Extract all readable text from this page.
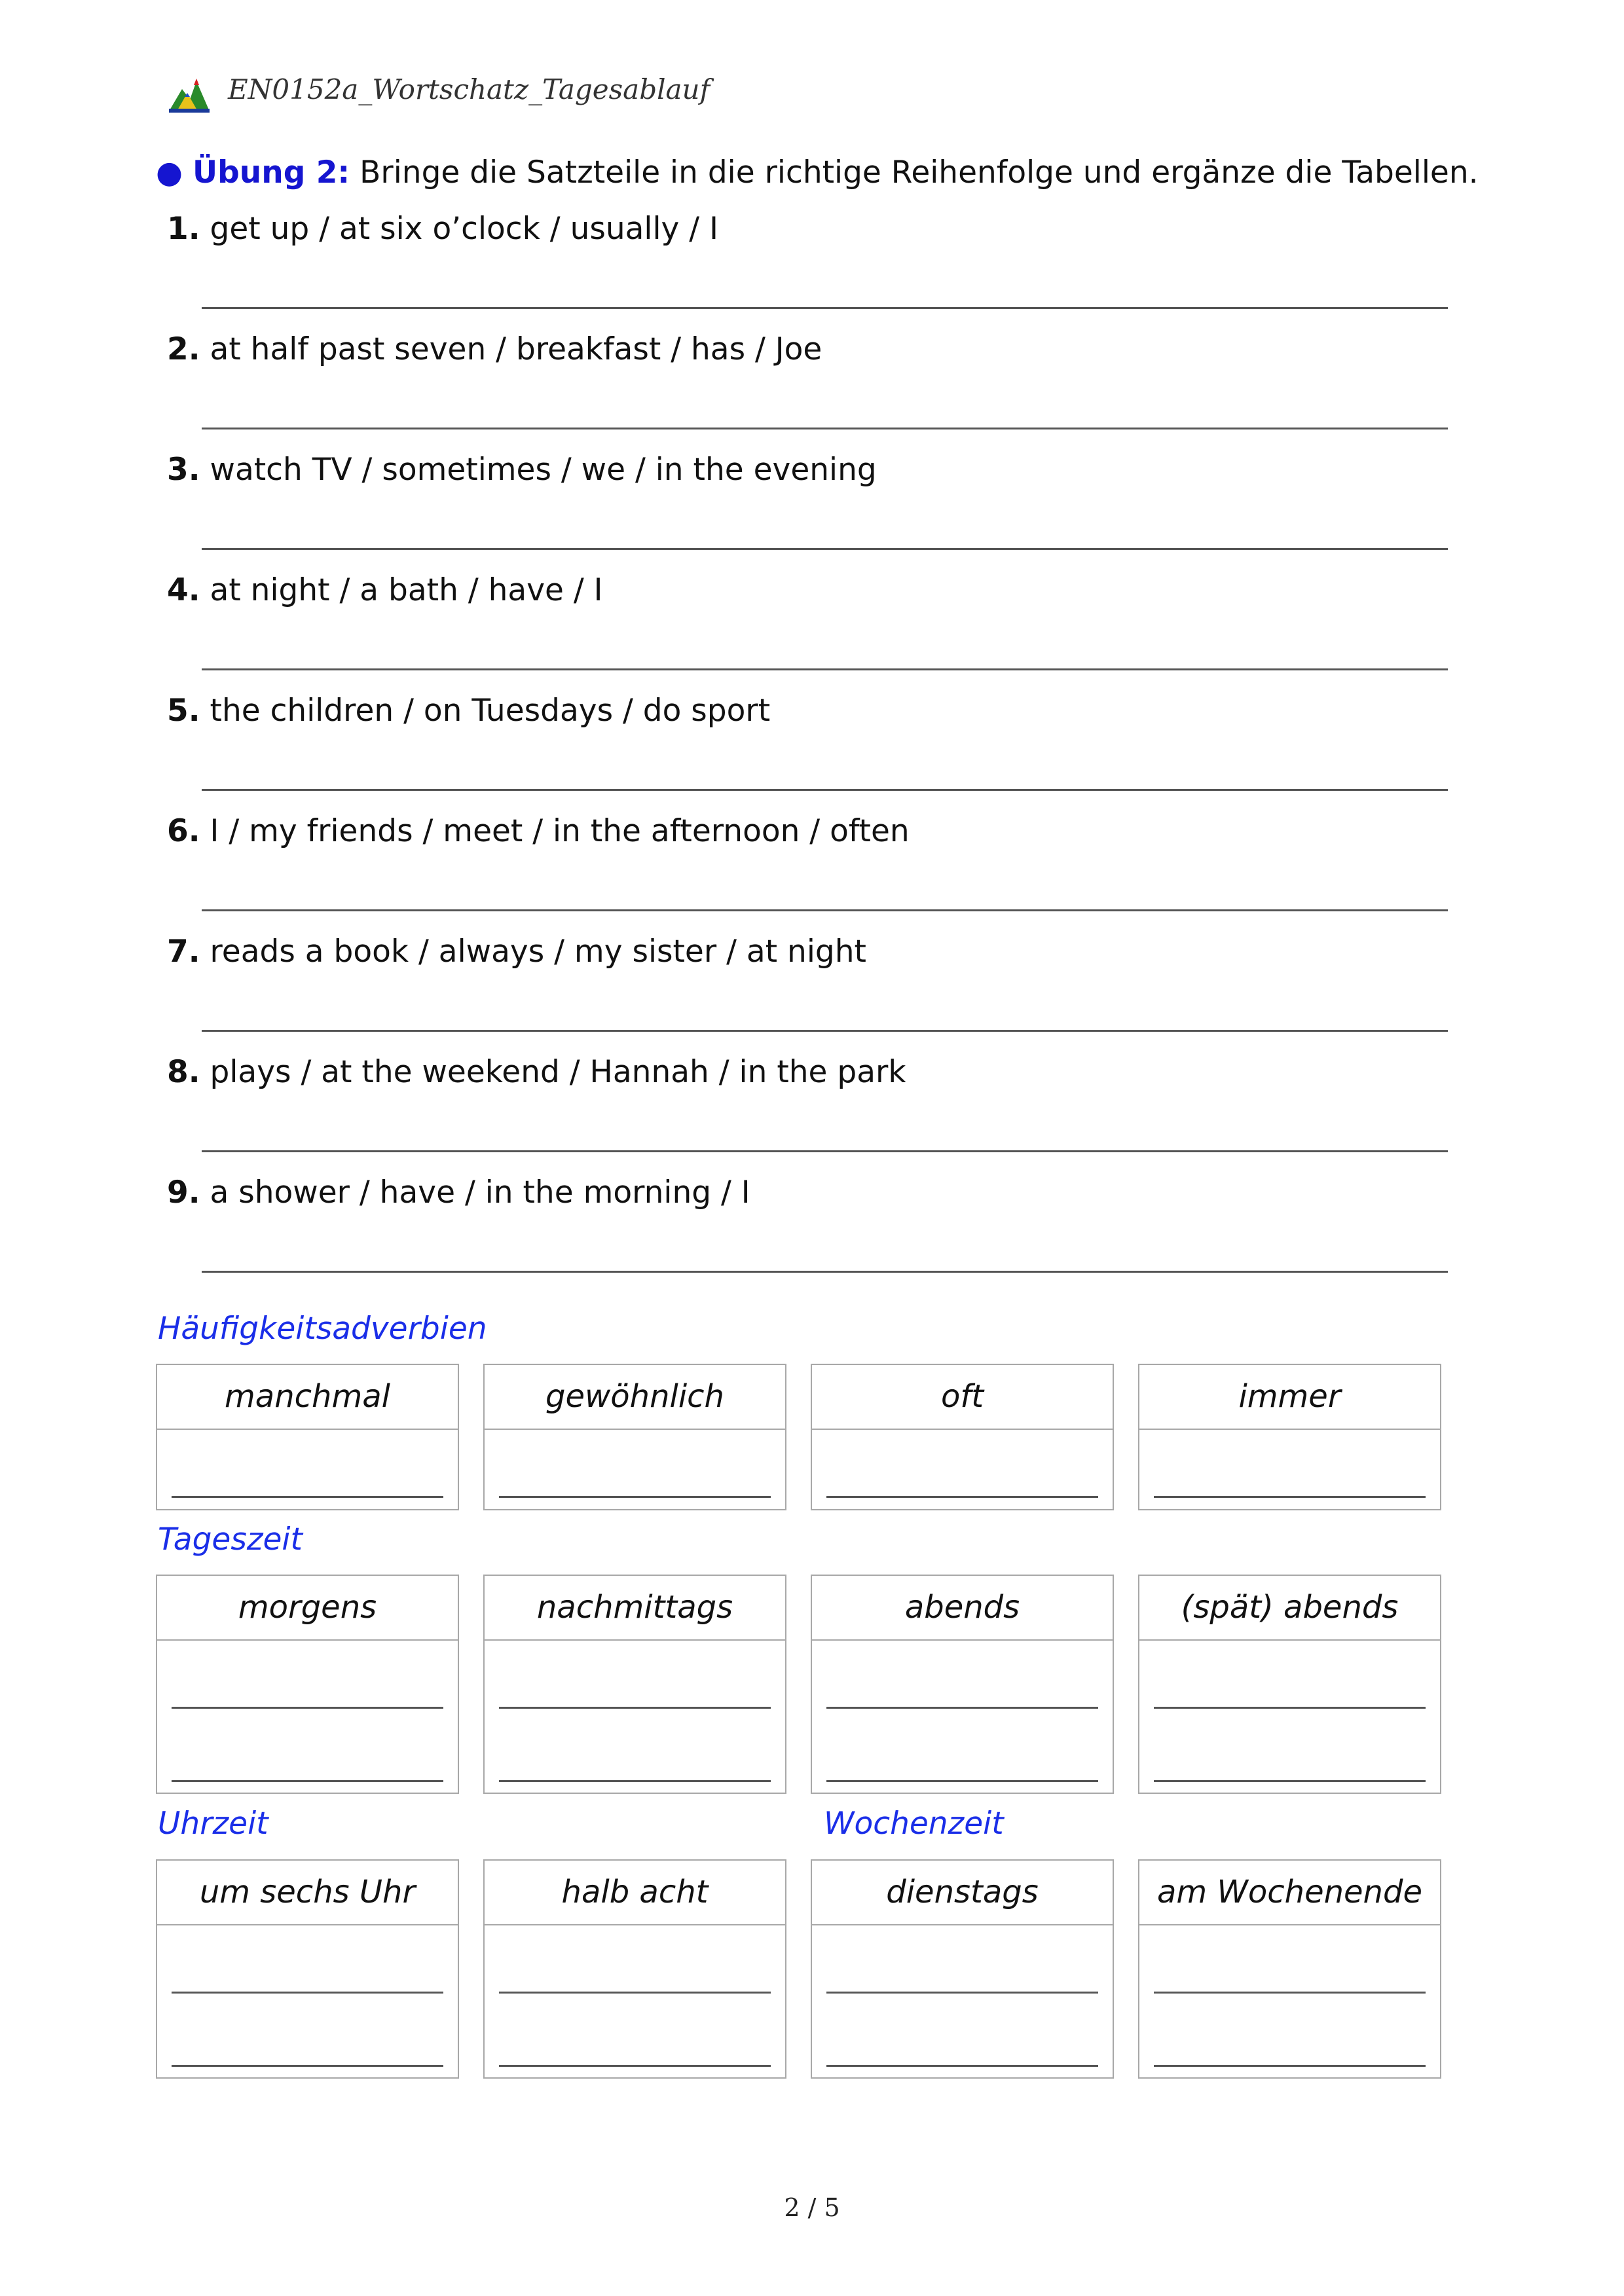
EN0152a_Wortschatz_Tagesablauf
● Übung 2: Bringe die Satzteile in die richtige Reihenfolge und ergänze die Tabellen.
1. get up / at six o’clock / usually / I
2. at half past seven / breakfast / has / Joe
3. watch TV / sometimes / we / in the evening
4. at night / a bath / have / I
5. the children / on Tuesdays / do sport
6. I / my friends / meet / in the afternoon / often
7. reads a book / always / my sister / at night
8. plays / at the weekend / Hannah / in the park
9. a shower / have / in the morning / I
Häufigkeitsadverbien
manchmal	gewöhnlich	oft	immer
Tageszeit
morgens	nachmittags	abends	(spät) abends
Uhrzeit	Wochenzeit
um sechs Uhr	halb acht	dienstags	am Wochenende
2 / 5
